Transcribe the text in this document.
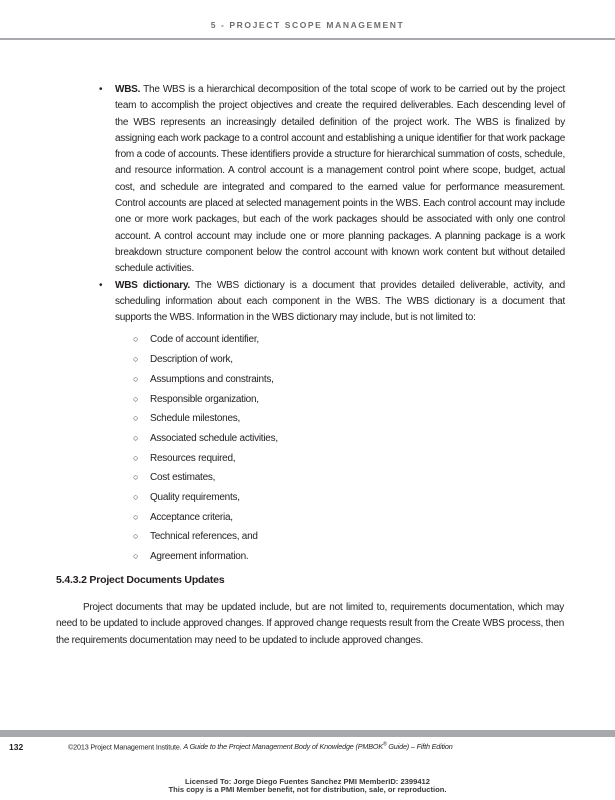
5 - PROJECT SCOPE MANAGEMENT
• WBS. The WBS is a hierarchical decomposition of the total scope of work to be carried out by the project team to accomplish the project objectives and create the required deliverables. Each descending level of the WBS represents an increasingly detailed definition of the project work. The WBS is finalized by assigning each work package to a control account and establishing a unique identifier for that work package from a code of accounts. These identifiers provide a structure for hierarchical summation of costs, schedule, and resource information. A control account is a management control point where scope, budget, actual cost, and schedule are integrated and compared to the earned value for performance measurement. Control accounts are placed at selected management points in the WBS. Each control account may include one or more work packages, but each of the work packages should be associated with only one control account. A control account may include one or more planning packages. A planning package is a work breakdown structure component below the control account with known work content but without detailed schedule activities.
• WBS dictionary. The WBS dictionary is a document that provides detailed deliverable, activity, and scheduling information about each component in the WBS. The WBS dictionary is a document that supports the WBS. Information in the WBS dictionary may include, but is not limited to:
○ Code of account identifier,
○ Description of work,
○ Assumptions and constraints,
○ Responsible organization,
○ Schedule milestones,
○ Associated schedule activities,
○ Resources required,
○ Cost estimates,
○ Quality requirements,
○ Acceptance criteria,
○ Technical references, and
○ Agreement information.
5.4.3.2 Project Documents Updates
Project documents that may be updated include, but are not limited to, requirements documentation, which may need to be updated to include approved changes. If approved change requests result from the Create WBS process, then the requirements documentation may need to be updated to include approved changes.
132	©2013 Project Management Institute. A Guide to the Project Management Body of Knowledge (PMBOK® Guide) – Fifth Edition
Licensed To: Jorge Diego Fuentes Sanchez PMI MemberID: 2399412
This copy is a PMI Member benefit, not for distribution, sale, or reproduction.
